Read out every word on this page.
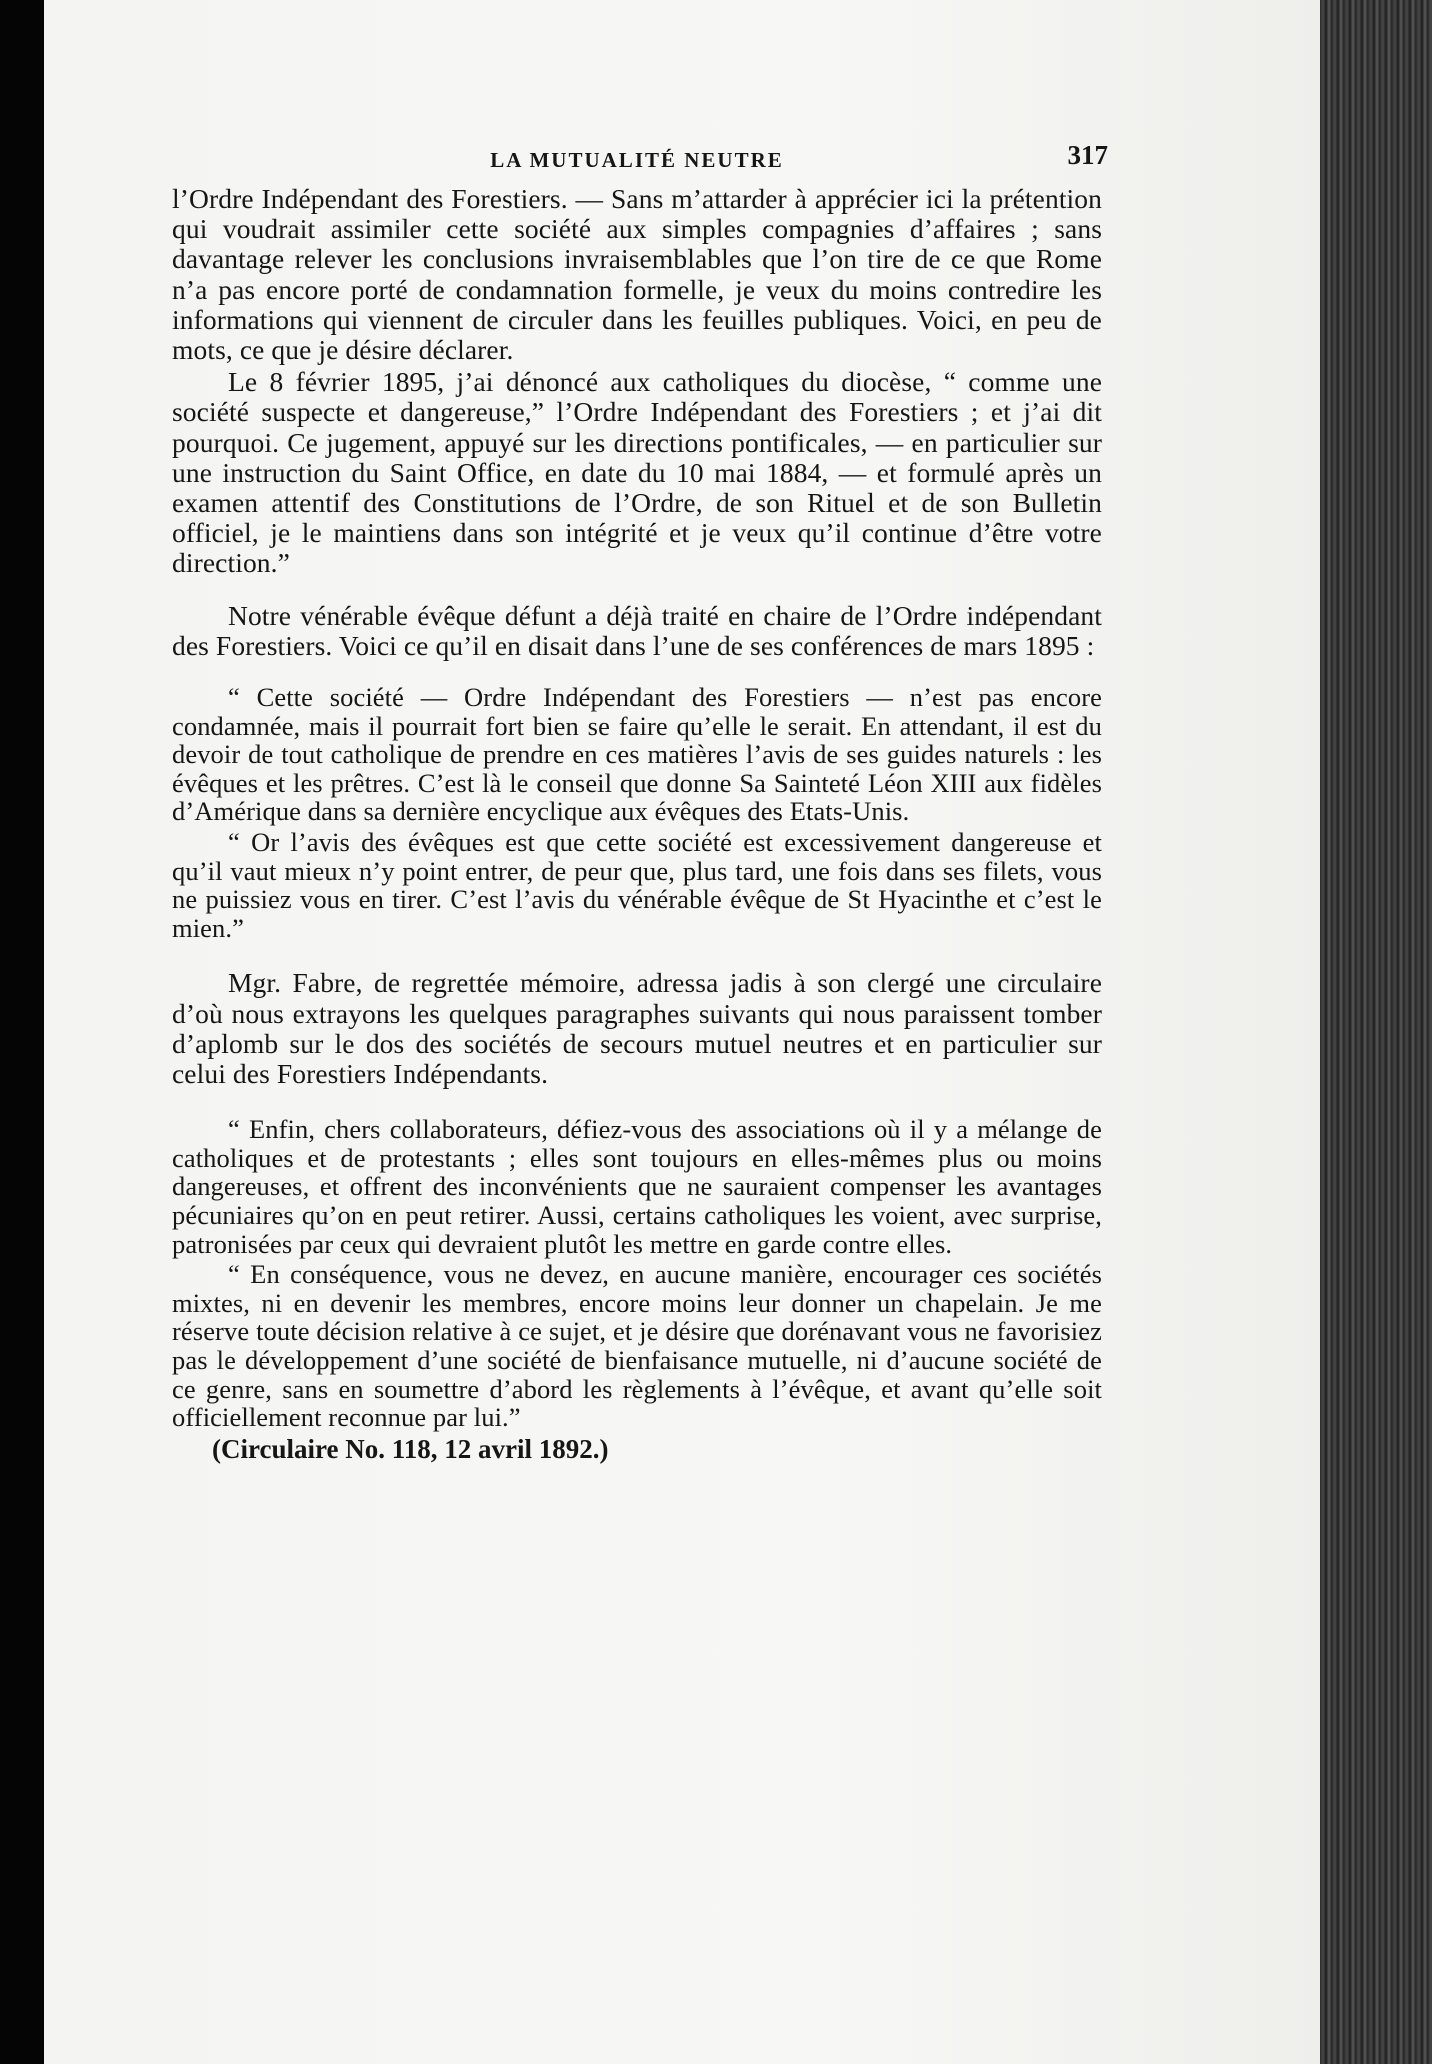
LA MUTUALITÉ NEUTRE	317

l’Ordre Indépendant des Forestiers. — Sans m’attarder à apprécier ici la prétention qui voudrait assimiler cette société aux simples compagnies d’affaires ; sans davantage relever les conclusions invraisemblables que l’on tire de ce que Rome n’a pas encore porté de condamnation formelle, je veux du moins contredire les informations qui viennent de circuler dans les feuilles publiques. Voici, en peu de mots, ce que je désire déclarer.

Le 8 février 1895, j’ai dénoncé aux catholiques du diocèse, “ comme une société suspecte et dangereuse,” l’Ordre Indépendant des Forestiers ; et j’ai dit pourquoi. Ce jugement, appuyé sur les directions pontificales, — en particulier sur une instruction du Saint Office, en date du 10 mai 1884, — et formulé après un examen attentif des Constitutions de l’Ordre, de son Rituel et de son Bulletin officiel, je le maintiens dans son intégrité et je veux qu’il continue d’être votre direction.”

Notre vénérable évêque défunt a déjà traité en chaire de l’Ordre indépendant des Forestiers. Voici ce qu’il en disait dans l’une de ses conférences de mars 1895 :

“ Cette société — Ordre Indépendant des Forestiers — n’est pas encore condamnée, mais il pourrait fort bien se faire qu’elle le serait. En attendant, il est du devoir de tout catholique de prendre en ces matières l’avis de ses guides naturels : les évêques et les prêtres. C’est là le conseil que donne Sa Sainteté Léon XIII aux fidèles d’Amérique dans sa dernière encyclique aux évêques des Etats-Unis.

“ Or l’avis des évêques est que cette société est excessivement dangereuse et qu’il vaut mieux n’y point entrer, de peur que, plus tard, une fois dans ses filets, vous ne puissiez vous en tirer. C’est l’avis du vénérable évêque de St Hyacinthe et c’est le mien.”

Mgr. Fabre, de regrettée mémoire, adressa jadis à son clergé une circulaire d’où nous extrayons les quelques paragraphes suivants qui nous paraissent tomber d’aplomb sur le dos des sociétés de secours mutuel neutres et en particulier sur celui des Forestiers Indépendants.

“ Enfin, chers collaborateurs, défiez-vous des associations où il y a mélange de catholiques et de protestants ; elles sont toujours en elles-mêmes plus ou moins dangereuses, et offrent des inconvénients que ne sauraient compenser les avantages pécuniaires qu’on en peut retirer. Aussi, certains catholiques les voient, avec surprise, patronisées par ceux qui devraient plutôt les mettre en garde contre elles.

“ En conséquence, vous ne devez, en aucune manière, encourager ces sociétés mixtes, ni en devenir les membres, encore moins leur donner un chapelain. Je me réserve toute décision relative à ce sujet, et je désire que dorénavant vous ne favorisiez pas le développement d’une société de bienfaisance mutuelle, ni d’aucune société de ce genre, sans en soumettre d’abord les règlements à l’évêque, et avant qu’elle soit officiellement reconnue par lui.”

(Circulaire No. 118, 12 avril 1892.)
